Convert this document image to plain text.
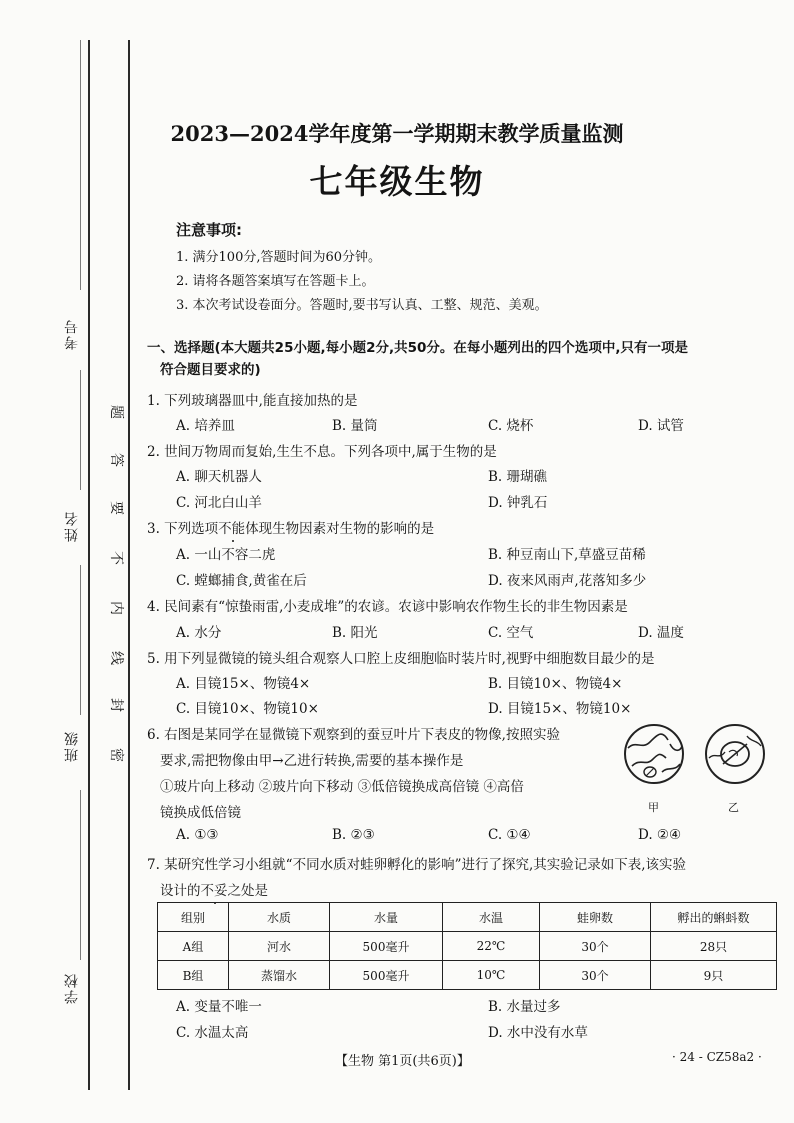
考号
姓名
班级
学校
题
答
要
不
内
线
封
密
2023—2024学年度第一学期期末教学质量监测
七年级生物
注意事项:
1. 满分100分,答题时间为60分钟。
2. 请将各题答案填写在答题卡上。
3. 本次考试设卷面分。答题时,要书写认真、工整、规范、美观。
一、选择题(本大题共25小题,每小题2分,共50分。在每小题列出的四个选项中,只有一项是
符合题目要求的)
1. 下列玻璃器皿中,能直接加热的是
A. 培养皿	B. 量筒	C. 烧杯	D. 试管
2. 世间万物周而复始,生生不息。下列各项中,属于生物的是
A. 聊天机器人	B. 珊瑚礁
C. 河北白山羊	D. 钟乳石
3. 下列选项不能体现生物因素对生物的影响的是
A. 一山不容二虎	B. 种豆南山下,草盛豆苗稀
C. 螳螂捕食,黄雀在后	D. 夜来风雨声,花落知多少
4. 民间素有“惊蛰雨雷,小麦成堆”的农谚。农谚中影响农作物生长的非生物因素是
A. 水分	B. 阳光	C. 空气	D. 温度
5. 用下列显微镜的镜头组合观察人口腔上皮细胞临时装片时,视野中细胞数目最少的是
A. 目镜15×、物镜4×	B. 目镜10×、物镜4×
C. 目镜10×、物镜10×	D. 目镜15×、物镜10×
6. 右图是某同学在显微镜下观察到的蚕豆叶片下表皮的物像,按照实验
要求,需把物像由甲→乙进行转换,需要的基本操作是
①玻片向上移动 ②玻片向下移动 ③低倍镜换成高倍镜 ④高倍
镜换成低倍镜	甲	乙
A. ①③	B. ②③	C. ①④	D. ②④
7. 某研究性学习小组就“不同水质对蛙卵孵化的影响”进行了探究,其实验记录如下表,该实验
设计的不妥之处是
组别	水质	水量	水温	蛙卵数	孵出的蝌蚪数
A组	河水	500毫升	22℃	30个	28只
B组	蒸馏水	500毫升	10℃	30个	9只
A. 变量不唯一	B. 水量过多
C. 水温太高	D. 水中没有水草
【生物 第1页(共6页)】	· 24 - CZ58a2 ·
